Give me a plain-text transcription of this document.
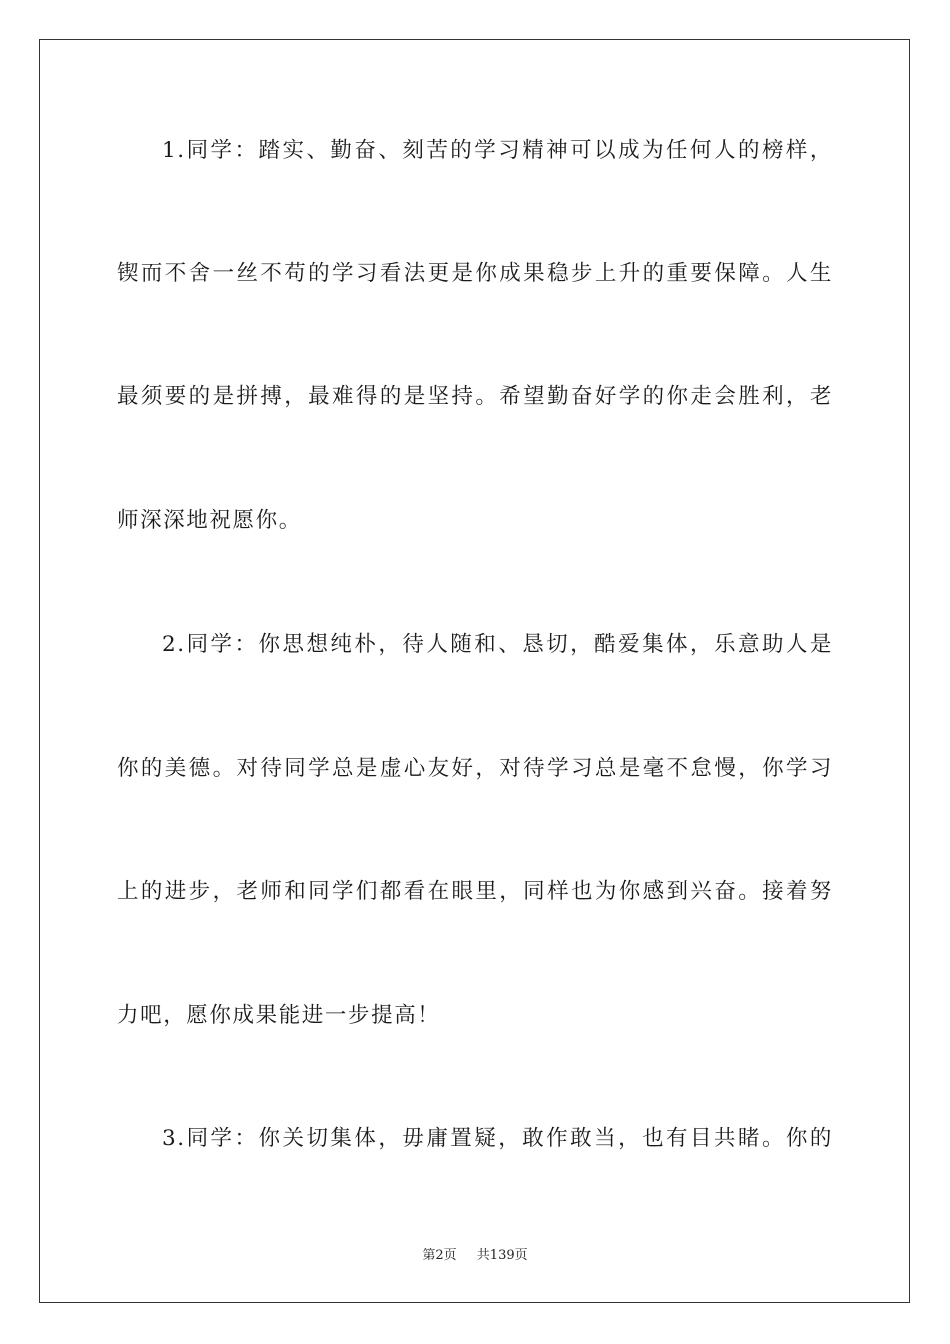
1.同学：踏实、勤奋、刻苦的学习精神可以成为任何人的榜样，

锲而不舍一丝不苟的学习看法更是你成果稳步上升的重要保障。人生

最须要的是拼搏，最难得的是坚持。希望勤奋好学的你走会胜利，老

师深深地祝愿你。

2.同学：你思想纯朴，待人随和、恳切，酷爱集体，乐意助人是

你的美德。对待同学总是虚心友好，对待学习总是毫不怠慢，你学习

上的进步，老师和同学们都看在眼里，同样也为你感到兴奋。接着努

力吧，愿你成果能进一步提高！

3.同学：你关切集体，毋庸置疑，敢作敢当，也有目共睹。你的

第2页 共139页
